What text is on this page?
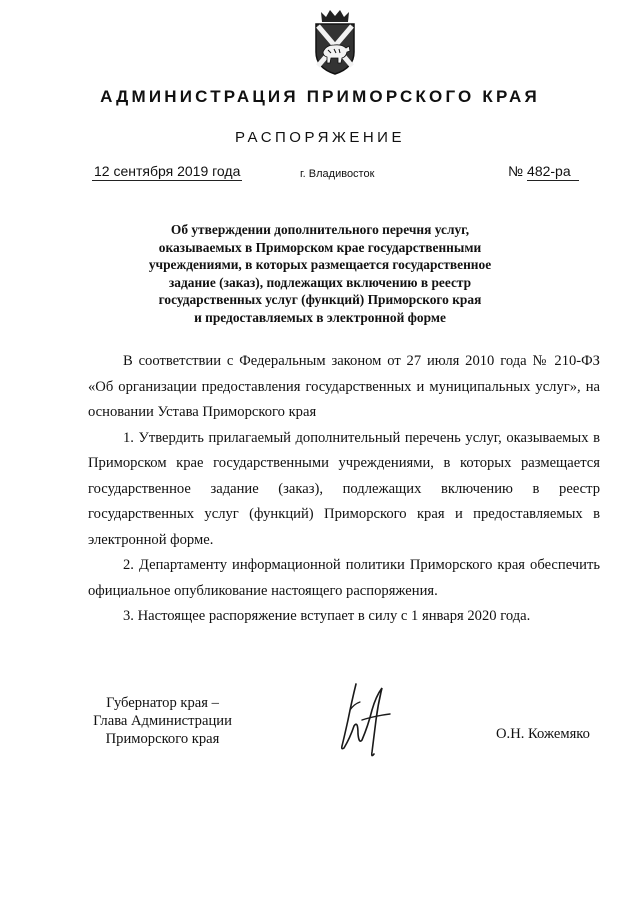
АДМИНИСТРАЦИЯ ПРИМОРСКОГО КРАЯ
РАСПОРЯЖЕНИЕ
12 сентября 2019 года	г. Владивосток	№ 482-ра
Об утверждении дополнительного перечня услуг,
оказываемых в Приморском крае государственными
учреждениями, в которых размещается государственное
задание (заказ), подлежащих включению в реестр
государственных услуг (функций) Приморского края
и предоставляемых в электронной форме

В соответствии с Федеральным законом от 27 июля 2010 года № 210-ФЗ «Об организации предоставления государственных и муниципальных услуг», на основании Устава Приморского края

1. Утвердить прилагаемый дополнительный перечень услуг, оказываемых в Приморском крае государственными учреждениями, в которых размещается государственное задание (заказ), подлежащих включению в реестр государственных услуг (функций) Приморского края и предоставляемых в электронной форме.

2. Департаменту информационной политики Приморского края обеспечить официальное опубликование настоящего распоряжения.

3. Настоящее распоряжение вступает в силу с 1 января 2020 года.

Губернатор края –
Глава Администрации
Приморского края	О.Н. Кожемяко
